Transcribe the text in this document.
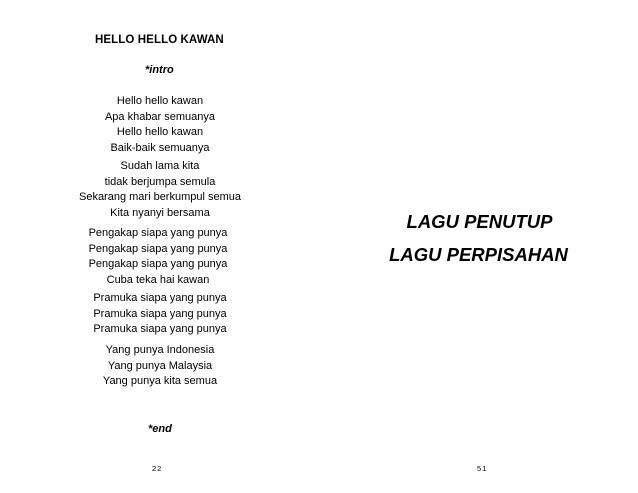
HELLO HELLO KAWAN
*intro
Hello hello kawan
Apa khabar semuanya
Hello hello kawan
Baik-baik semuanya
Sudah lama kita
tidak berjumpa semula
Sekarang mari berkumpul semua
Kita nyanyi bersama
Pengakap siapa yang punya
Pengakap siapa yang punya
Pengakap siapa yang punya
Cuba teka hai kawan
Pramuka siapa yang punya
Pramuka siapa yang punya
Pramuka siapa yang punya
Yang punya Indonesia
Yang punya Malaysia
Yang punya kita semua
*end
22
LAGU PENUTUP
LAGU PERPISAHAN
51
